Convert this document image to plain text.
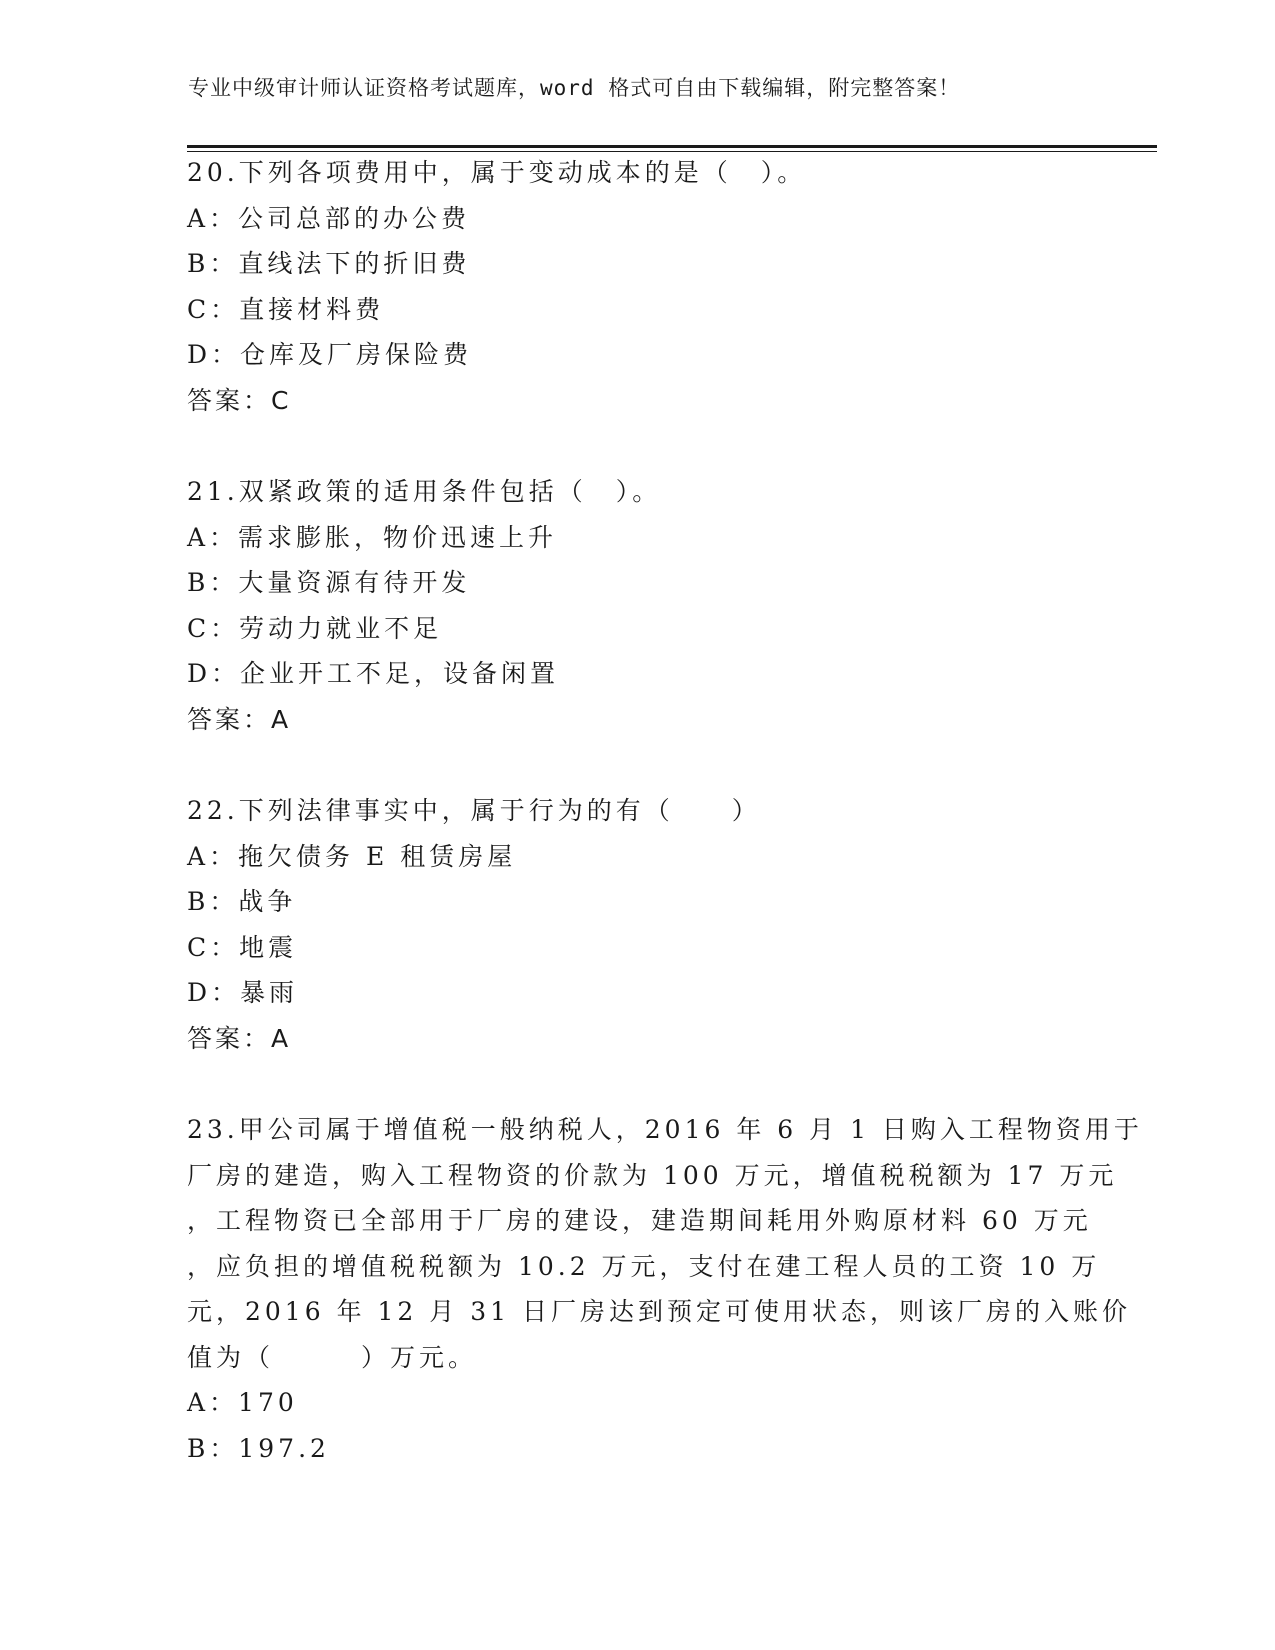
专业中级审计师认证资格考试题库，word 格式可自由下载编辑，附完整答案！
20.下列各项费用中，属于变动成本的是（　）。
A：公司总部的办公费
B：直线法下的折旧费
C：直接材料费
D：仓库及厂房保险费
答案：C
21.双紧政策的适用条件包括（　）。
A：需求膨胀，物价迅速上升
B：大量资源有待开发
C：劳动力就业不足
D：企业开工不足，设备闲置
答案：A
22.下列法律事实中，属于行为的有（　　）
A：拖欠债务 E 租赁房屋
B：战争
C：地震
D：暴雨
答案：A
23.甲公司属于增值税一般纳税人，2016 年 6 月 1 日购入工程物资用于
厂房的建造，购入工程物资的价款为 100 万元，增值税税额为 17 万元
，工程物资已全部用于厂房的建设，建造期间耗用外购原材料 60 万元
，应负担的增值税税额为 10.2 万元，支付在建工程人员的工资 10 万
元，2016 年 12 月 31 日厂房达到预定可使用状态，则该厂房的入账价
值为（　　　）万元。
A：170
B：197.2
